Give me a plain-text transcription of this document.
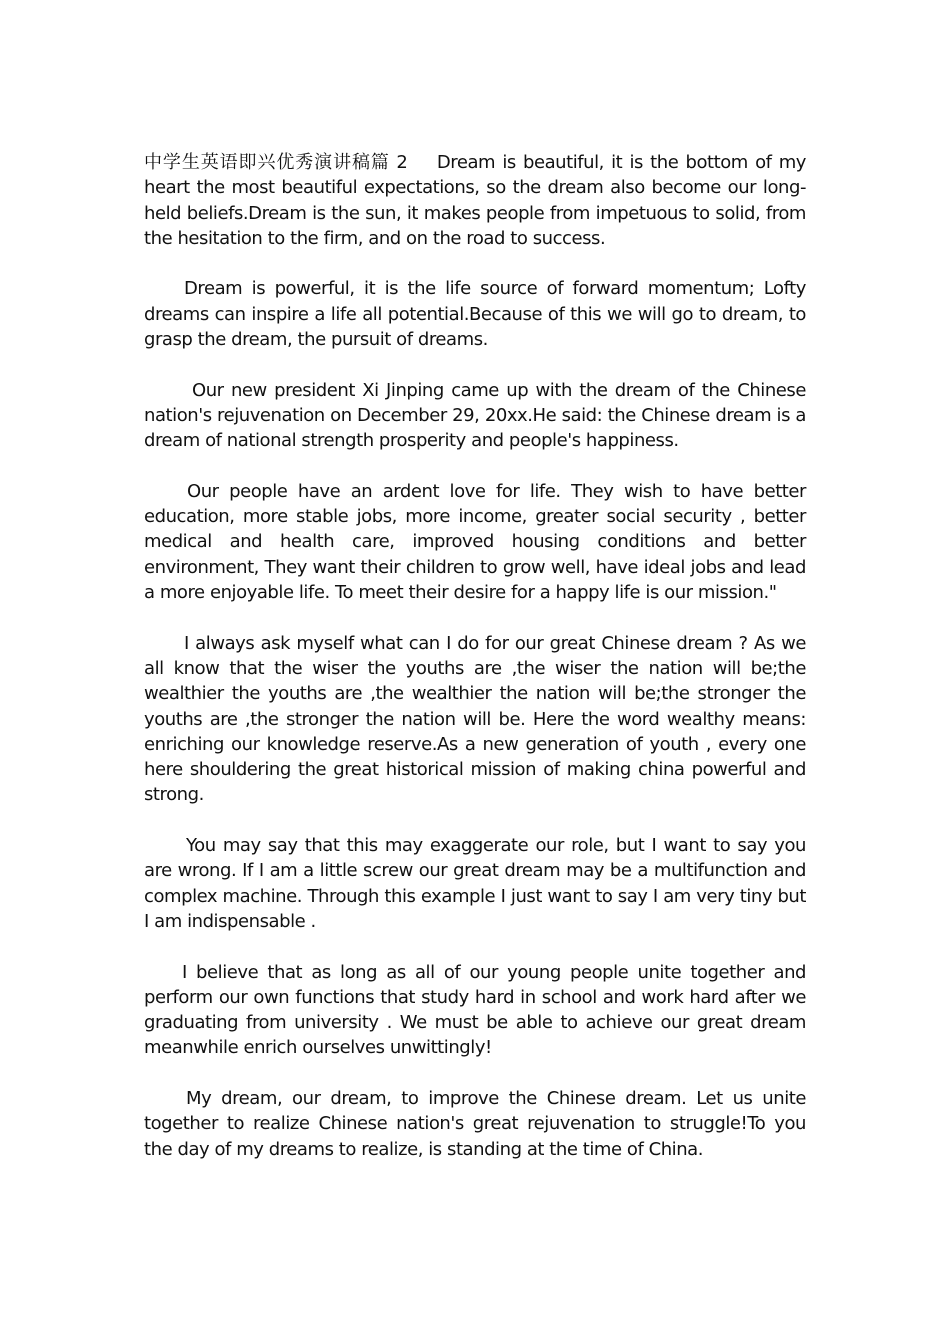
中学生英语即兴优秀演讲稿篇 2 Dream is beautiful, it is the bottom of my heart the most beautiful expectations, so the dream also become our long-held beliefs.Dream is the sun, it makes people from impetuous to solid, from the hesitation to the firm, and on the road to success.

Dream is powerful, it is the life source of forward momentum; Lofty dreams can inspire a life all potential.Because of this we will go to dream, to grasp the dream, the pursuit of dreams.

Our new president Xi Jinping came up with the dream of the Chinese nation's rejuvenation on December 29, 20xx.He said: the Chinese dream is a dream of national strength prosperity and people's happiness.

Our people have an ardent love for life. They wish to have better education, more stable jobs, more income, greater social security , better medical and health care, improved housing conditions and better environment, They want their children to grow well, have ideal jobs and lead a more enjoyable life. To meet their desire for a happy life is our mission."

I always ask myself what can I do for our great Chinese dream ? As we all know that the wiser the youths are ,the wiser the nation will be;the wealthier the youths are ,the wealthier the nation will be;the stronger the youths are ,the stronger the nation will be. Here the word wealthy means: enriching our knowledge reserve.As a new generation of youth , every one here shouldering the great historical mission of making china powerful and strong.

You may say that this may exaggerate our role, but I want to say you are wrong. If I am a little screw our great dream may be a multifunction and complex machine. Through this example I just want to say I am very tiny but I am indispensable .

I believe that as long as all of our young people unite together and perform our own functions that study hard in school and work hard after we graduating from university . We must be able to achieve our great dream meanwhile enrich ourselves unwittingly!

My dream, our dream, to improve the Chinese dream. Let us unite together to realize Chinese nation's great rejuvenation to struggle!To you the day of my dreams to realize, is standing at the time of China.
